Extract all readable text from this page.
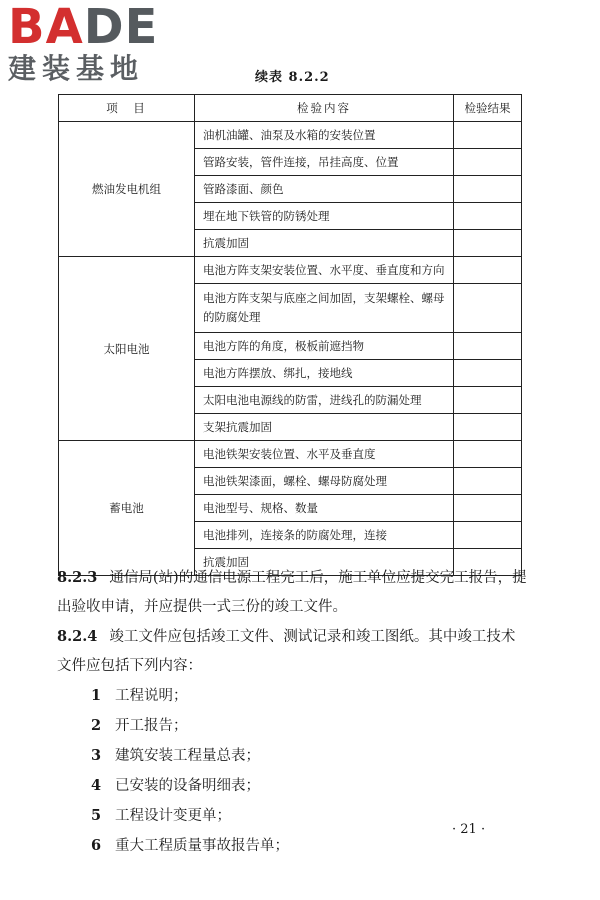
BADE
建装基地	续表 8.2.2
项　目	检验内容	检验结果
燃油发电机组	油机油罐、油泵及水箱的安装位置	
	管路安装，管件连接，吊挂高度、位置	
	管路漆面、颜色	
	埋在地下铁管的防锈处理	
	抗震加固	
太阳电池	电池方阵支架安装位置、水平度、垂直度和方向	
	电池方阵支架与底座之间加固，支架螺栓、螺母的防腐处理	
	电池方阵的角度，极板前遮挡物	
	电池方阵摆放、绑扎，接地线	
	太阳电池电源线的防雷，进线孔的防漏处理	
	支架抗震加固	
蓄电池	电池铁架安装位置、水平及垂直度	
	电池铁架漆面，螺栓、螺母防腐处理	
	电池型号、规格、数量	
	电池排列，连接条的防腐处理，连接	
	抗震加固	
8.2.3 通信局(站)的通信电源工程完工后，施工单位应提交完工报告，提出验收申请，并应提供一式三份的竣工文件。
8.2.4 竣工文件应包括竣工文件、测试记录和竣工图纸。其中竣工技术文件应包括下列内容：
1 工程说明；
2 开工报告；
3 建筑安装工程量总表；
4 已安装的设备明细表；
5 工程设计变更单；
6 重大工程质量事故报告单；
· 21 ·
